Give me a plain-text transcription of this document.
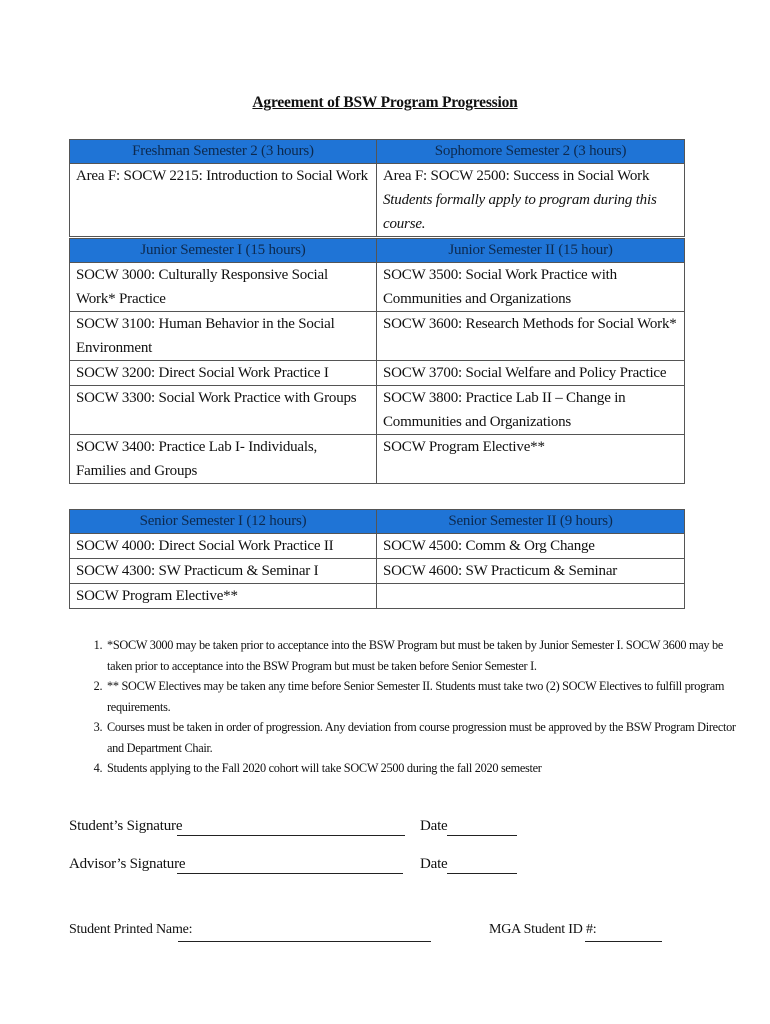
Agreement of BSW Program Progression
Freshman Semester 2 (3 hours)	Sophomore Semester 2 (3 hours)
Area F: SOCW 2215: Introduction to Social Work	Area F: SOCW 2500: Success in Social Work
Students formally apply to program during this course.
Junior Semester I (15 hours)	Junior Semester II (15 hour)
SOCW 3000: Culturally Responsive Social Work* Practice	SOCW 3500: Social Work Practice with Communities and Organizations
SOCW 3100: Human Behavior in the Social Environment	SOCW 3600: Research Methods for Social Work*
SOCW 3200: Direct Social Work Practice I	SOCW 3700: Social Welfare and Policy Practice
SOCW 3300: Social Work Practice with Groups	SOCW 3800: Practice Lab II – Change in Communities and Organizations
SOCW 3400: Practice Lab I- Individuals, Families and Groups	SOCW Program Elective**
Senior Semester I (12 hours)	Senior Semester II (9 hours)
SOCW 4000: Direct Social Work Practice II	SOCW 4500: Comm & Org Change
SOCW 4300: SW Practicum & Seminar I	SOCW 4600: SW Practicum & Seminar
SOCW Program Elective**	
1. *SOCW 3000 may be taken prior to acceptance into the BSW Program but must be taken by Junior Semester I. SOCW 3600 may be taken prior to acceptance into the BSW Program but must be taken before Senior Semester I.
2. ** SOCW Electives may be taken any time before Senior Semester II. Students must take two (2) SOCW Electives to fulfill program requirements.
3. Courses must be taken in order of progression. Any deviation from course progression must be approved by the BSW Program Director and Department Chair.
4. Students applying to the Fall 2020 cohort will take SOCW 2500 during the fall 2020 semester
Student’s Signature	Date
Advisor’s Signature	Date
Student Printed Name:	MGA Student ID #:
